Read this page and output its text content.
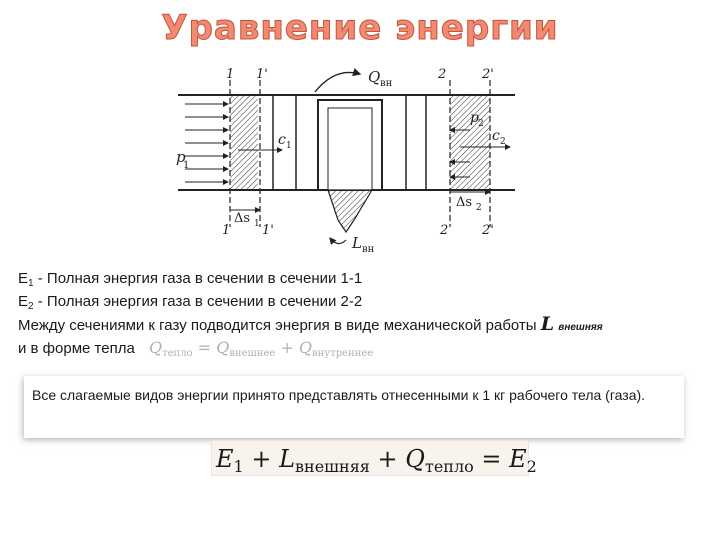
Уравнение энергии
1 1'	2	2'
1 1'	2	2'
Q вн
L вн
p
1
c 1
p 2
c 2
Δs 1
Δs 2
$E_1$ - Полная энергия газа в сечении в сечении 1-1
$E_2$ - Полная энергия газа в сечении в сечении 2-2
Между сечениями к газу подводится энергия в виде механической работы L внешняя
и в форме тепла Qтепло = Qвнешнее + Qвнутреннее
Все слагаемые видов энергии принято представлять отнесенными к 1 кг рабочего тела (газа).
$E_1 + L_{внешняя} + Q_{тепло} = E_2$
